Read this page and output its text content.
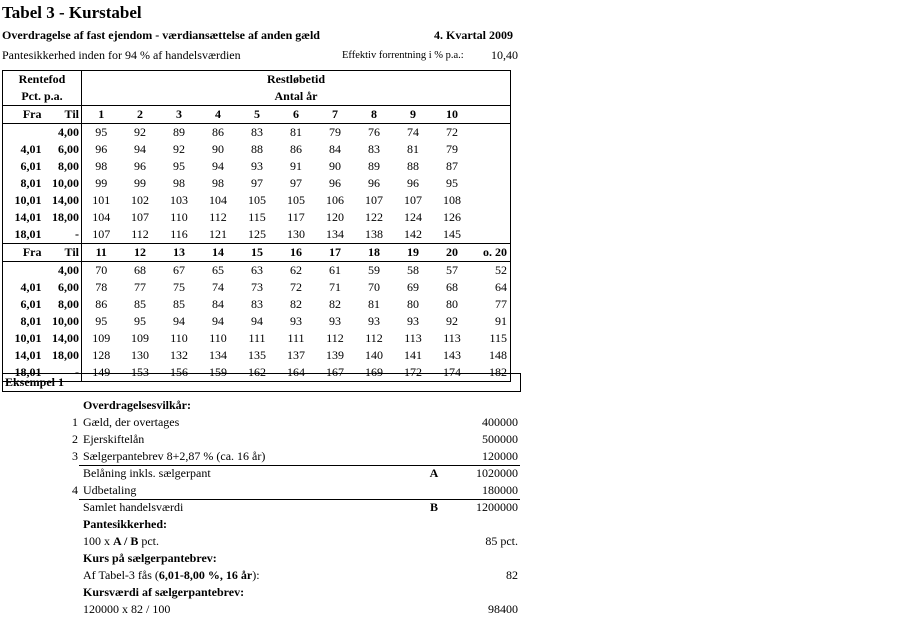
Tabel 3 - Kurstabel
Overdragelse af fast ejendom - værdiansættelse af anden gæld	4. Kvartal 2009
Pantesikkerhed inden for 94 % af handelsværdien	Effektiv forrentning i % p.a.: 10,40
Rentefod		Restløbetid										
Pct. p.a.		Antal år										
Fra	Til	1	2	3	4	5	6	7	8	9	10	
	4,00	95	92	89	86	83	81	79	76	74	72	
4,01	6,00	96	94	92	90	88	86	84	83	81	79	
6,01	8,00	98	96	95	94	93	91	90	89	88	87	
8,01	10,00	99	99	98	98	97	97	96	96	96	95	
10,01	14,00	101	102	103	104	105	105	106	107	107	108	
14,01	18,00	104	107	110	112	115	117	120	122	124	126	
18,01	-	107	112	116	121	125	130	134	138	142	145	
Fra	Til	11	12	13	14	15	16	17	18	19	20	o. 20
	4,00	70	68	67	65	63	62	61	59	58	57	52
4,01	6,00	78	77	75	74	73	72	71	70	69	68	64
6,01	8,00	86	85	85	84	83	82	82	81	80	80	77
8,01	10,00	95	95	94	94	94	93	93	93	93	92	91
10,01	14,00	109	109	110	110	111	111	112	112	113	113	115
14,01	18,00	128	130	132	134	135	137	139	140	141	143	148
18,01	-	149	153	156	159	162	164	167	169	172	174	182
Eksempel 1
Overdragelsesvilkår:
1 Gæld, der overtages	400000
2 Ejerskiftelån	500000
3 Sælgerpantebrev 8+2,87 % (ca. 16 år)	120000
Belåning inkls. sælgerpant	A	1020000
4 Udbetaling	180000
Samlet handelsværdi	B	1200000
Pantesikkerhed:
100 x A / B pct.	85 pct.
Kurs på sælgerpantebrev:
Af Tabel-3 fås (6,01-8,00 %, 16 år):	82
Kursværdi af sælgerpantebrev:
120000 x 82 / 100	98400
